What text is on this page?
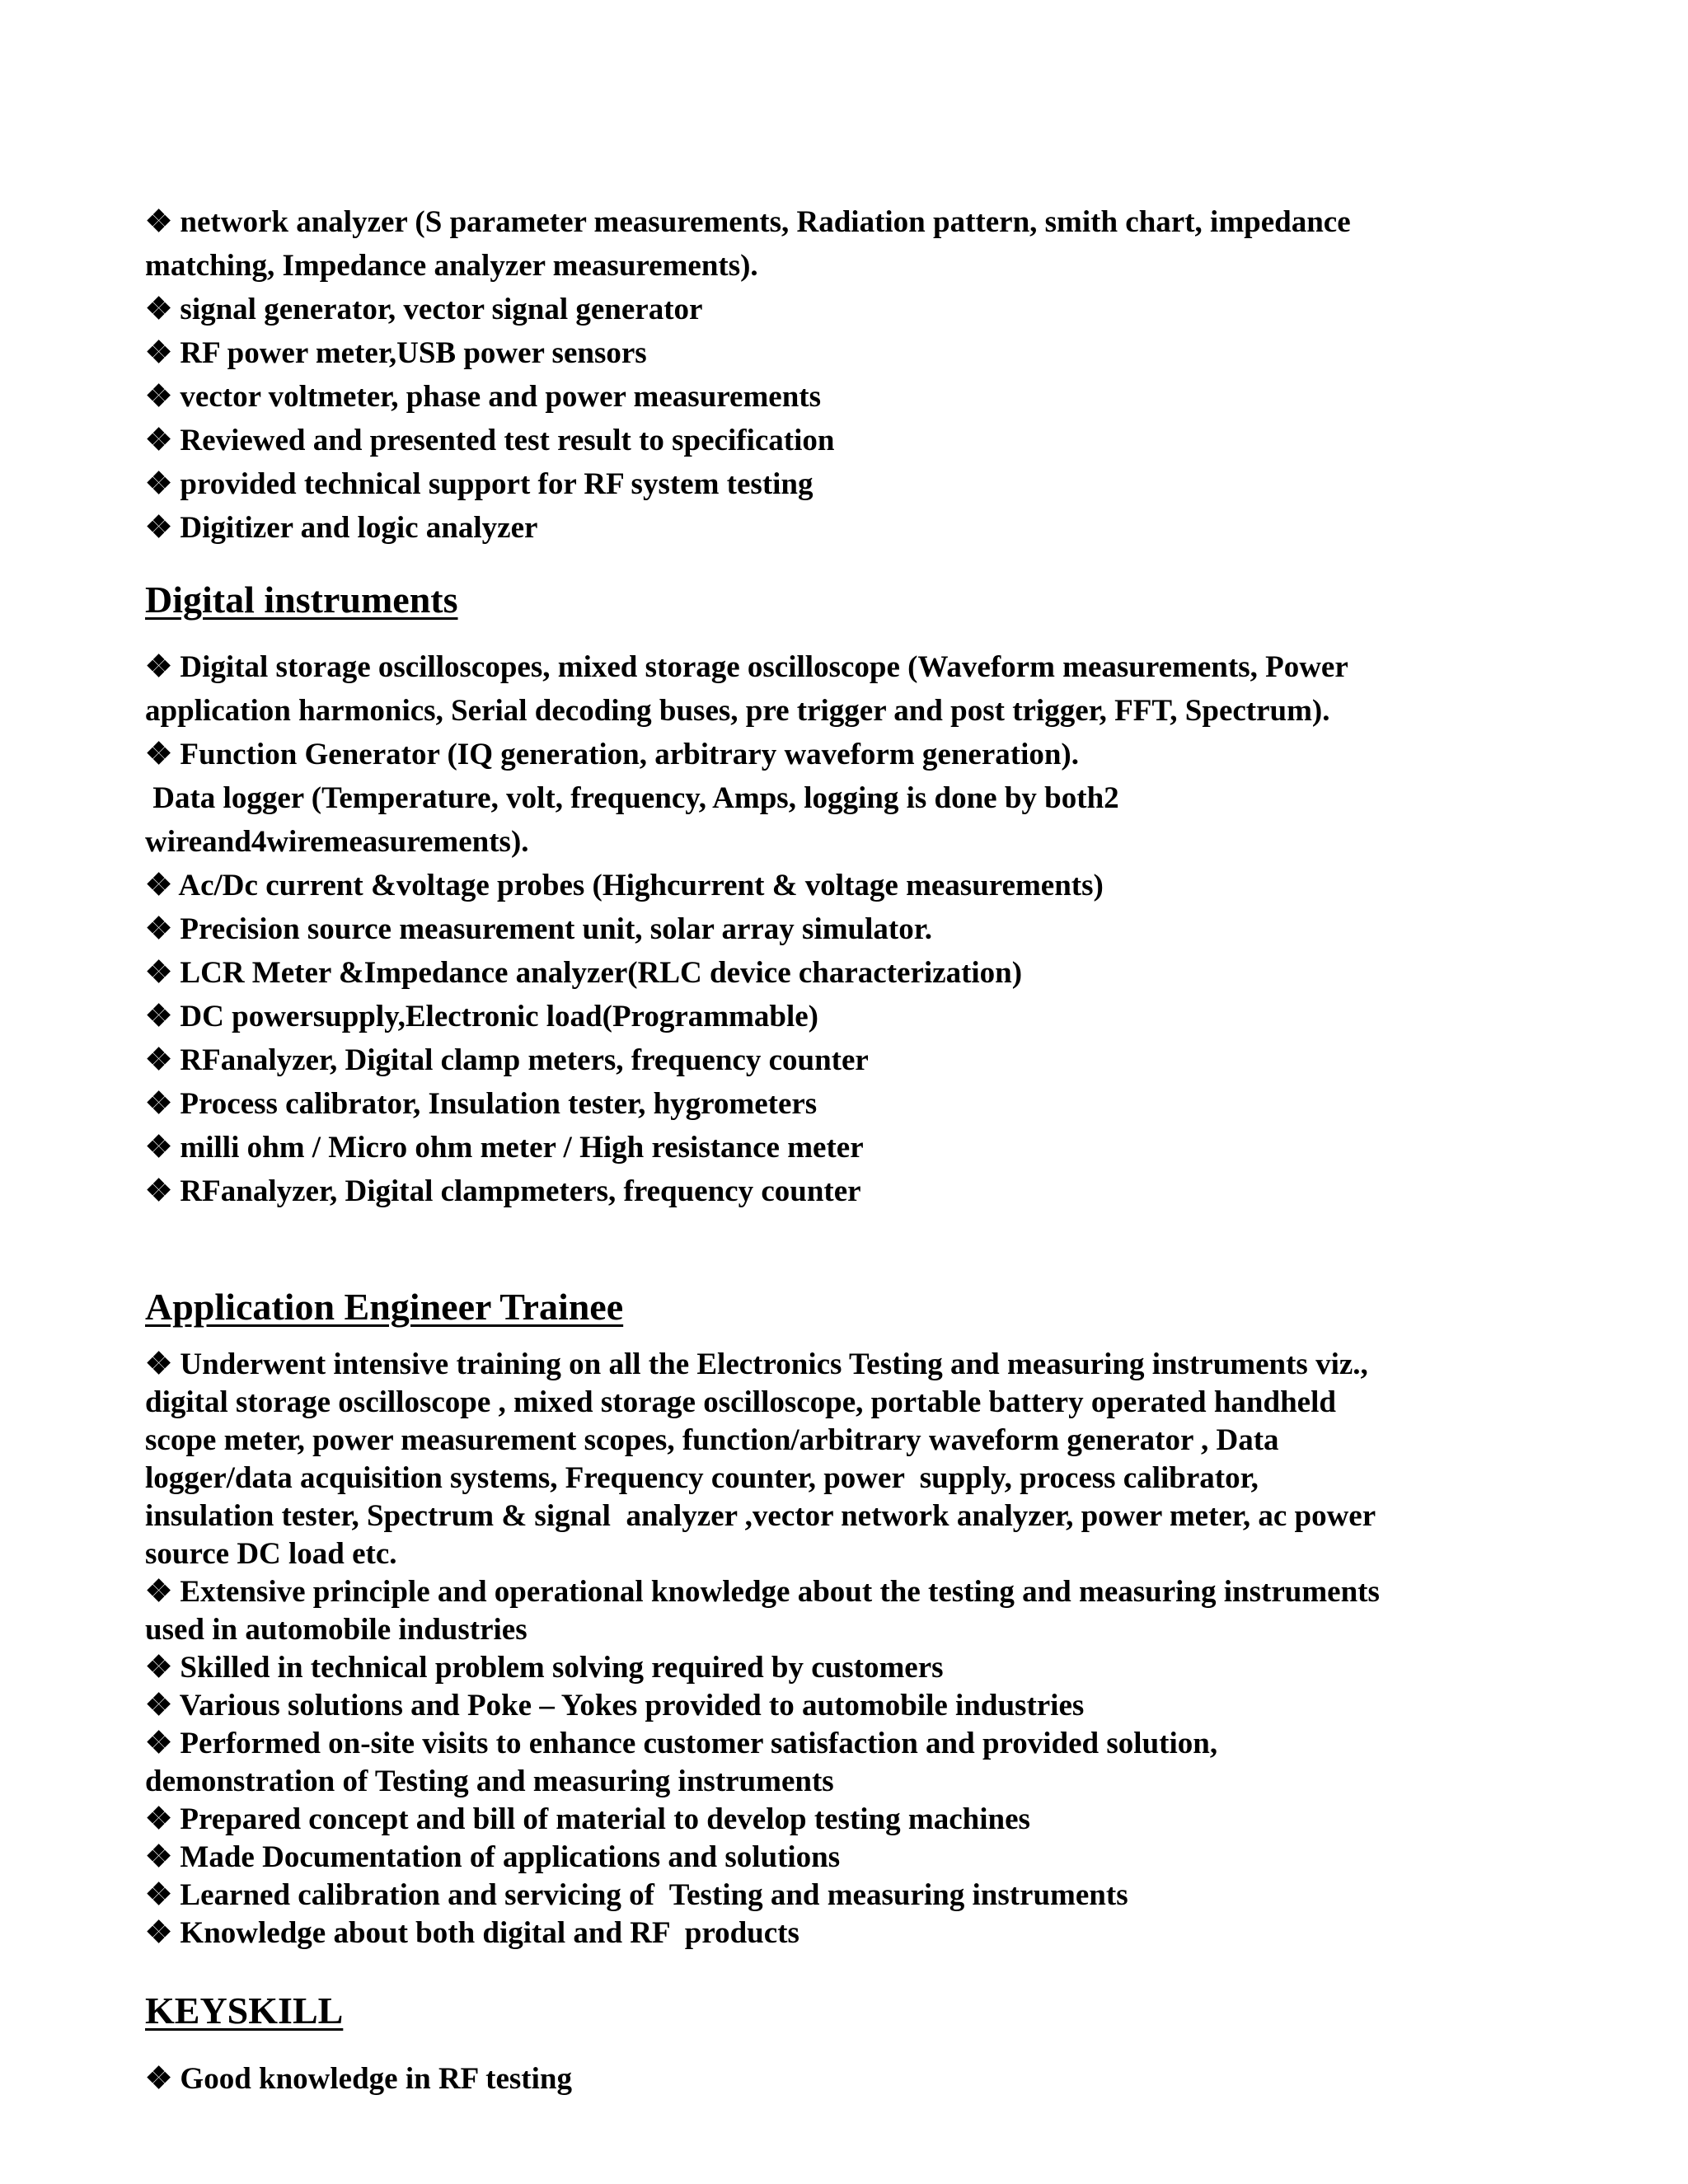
❖ network analyzer (S parameter measurements, Radiation pattern, smith chart, impedance
matching, Impedance analyzer measurements).
❖ signal generator, vector signal generator
❖ RF power meter,USB power sensors
❖ vector voltmeter, phase and power measurements
❖ Reviewed and presented test result to specification
❖ provided technical support for RF system testing
❖ Digitizer and logic analyzer
Digital instruments
❖ Digital storage oscilloscopes, mixed storage oscilloscope (Waveform measurements, Power
application harmonics, Serial decoding buses, pre trigger and post trigger, FFT, Spectrum).
❖ Function Generator (IQ generation, arbitrary waveform generation).
Data logger (Temperature, volt, frequency, Amps, logging is done by both2
wireand4wiremeasurements).
❖ Ac/Dc current &voltage probes (Highcurrent & voltage measurements)
❖ Precision source measurement unit, solar array simulator.
❖ LCR Meter &Impedance analyzer(RLC device characterization)
❖ DC powersupply,Electronic load(Programmable)
❖ RFanalyzer, Digital clamp meters, frequency counter
❖ Process calibrator, Insulation tester, hygrometers
❖ milli ohm / Micro ohm meter / High resistance meter
❖ RFanalyzer, Digital clampmeters, frequency counter
Application Engineer Trainee
❖ Underwent intensive training on all the Electronics Testing and measuring instruments viz.,
digital storage oscilloscope , mixed storage oscilloscope, portable battery operated handheld
scope meter, power measurement scopes, function/arbitrary waveform generator , Data
logger/data acquisition systems, Frequency counter, power  supply, process calibrator,
insulation tester, Spectrum & signal  analyzer ,vector network analyzer, power meter, ac power
source DC load etc.
❖ Extensive principle and operational knowledge about the testing and measuring instruments
used in automobile industries
❖ Skilled in technical problem solving required by customers
❖ Various solutions and Poke – Yokes provided to automobile industries
❖ Performed on-site visits to enhance customer satisfaction and provided solution,
demonstration of Testing and measuring instruments
❖ Prepared concept and bill of material to develop testing machines
❖ Made Documentation of applications and solutions
❖ Learned calibration and servicing of  Testing and measuring instruments
❖ Knowledge about both digital and RF  products
KEYSKILL
❖ Good knowledge in RF testing
